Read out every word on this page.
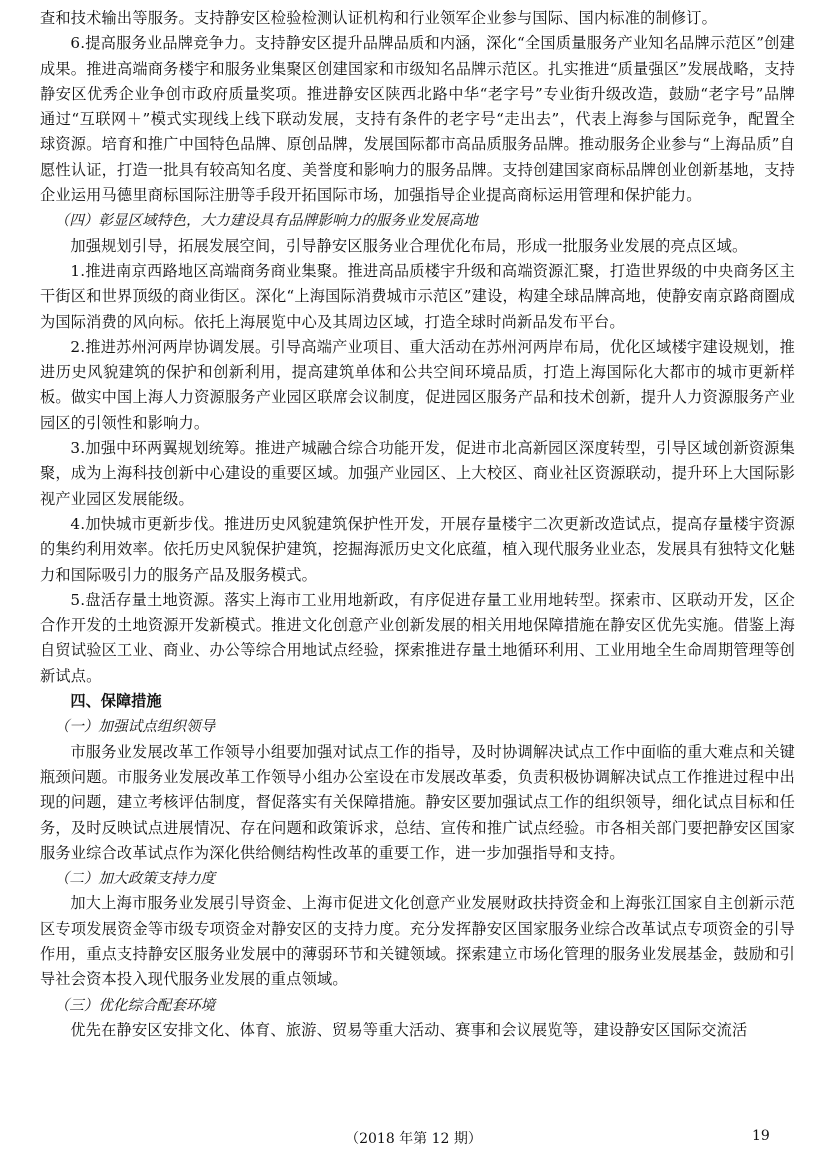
查和技术输出等服务。支持静安区检验检测认证机构和行业领军企业参与国际、国内标准的制修订。

6.提高服务业品牌竞争力。支持静安区提升品牌品质和内涵，深化“全国质量服务产业知名品牌示范区”创建成果。推进高端商务楼宇和服务业集聚区创建国家和市级知名品牌示范区。扎实推进“质量强区”发展战略，支持静安区优秀企业争创市政府质量奖项。推进静安区陕西北路中华“老字号”专业街升级改造，鼓励“老字号”品牌通过“互联网＋”模式实现线上线下联动发展，支持有条件的老字号“走出去”，代表上海参与国际竞争，配置全球资源。培育和推广中国特色品牌、原创品牌，发展国际都市高品质服务品牌。推动服务企业参与“上海品质”自愿性认证，打造一批具有较高知名度、美誉度和影响力的服务品牌。支持创建国家商标品牌创业创新基地，支持企业运用马德里商标国际注册等手段开拓国际市场，加强指导企业提高商标运用管理和保护能力。

（四）彰显区域特色，大力建设具有品牌影响力的服务业发展高地

加强规划引导，拓展发展空间，引导静安区服务业合理优化布局，形成一批服务业发展的亮点区域。

1.推进南京西路地区高端商务商业集聚。推进高品质楼宇升级和高端资源汇聚，打造世界级的中央商务区主干街区和世界顶级的商业街区。深化“上海国际消费城市示范区”建设，构建全球品牌高地，使静安南京路商圈成为国际消费的风向标。依托上海展览中心及其周边区域，打造全球时尚新品发布平台。

2.推进苏州河两岸协调发展。引导高端产业项目、重大活动在苏州河两岸布局，优化区域楼宇建设规划，推进历史风貌建筑的保护和创新利用，提高建筑单体和公共空间环境品质，打造上海国际化大都市的城市更新样板。做实中国上海人力资源服务产业园区联席会议制度，促进园区服务产品和技术创新，提升人力资源服务产业园区的引领性和影响力。

3.加强中环两翼规划统筹。推进产城融合综合功能开发，促进市北高新园区深度转型，引导区域创新资源集聚，成为上海科技创新中心建设的重要区域。加强产业园区、上大校区、商业社区资源联动，提升环上大国际影视产业园区发展能级。

4.加快城市更新步伐。推进历史风貌建筑保护性开发，开展存量楼宇二次更新改造试点，提高存量楼宇资源的集约利用效率。依托历史风貌保护建筑，挖掘海派历史文化底蕴，植入现代服务业业态，发展具有独特文化魅力和国际吸引力的服务产品及服务模式。

5.盘活存量土地资源。落实上海市工业用地新政，有序促进存量工业用地转型。探索市、区联动开发，区企合作开发的土地资源开发新模式。推进文化创意产业创新发展的相关用地保障措施在静安区优先实施。借鉴上海自贸试验区工业、商业、办公等综合用地试点经验，探索推进存量土地循环利用、工业用地全生命周期管理等创新试点。

四、保障措施

（一）加强试点组织领导

市服务业发展改革工作领导小组要加强对试点工作的指导，及时协调解决试点工作中面临的重大难点和关键瓶颈问题。市服务业发展改革工作领导小组办公室设在市发展改革委，负责积极协调解决试点工作推进过程中出现的问题，建立考核评估制度，督促落实有关保障措施。静安区要加强试点工作的组织领导，细化试点目标和任务，及时反映试点进展情况、存在问题和政策诉求，总结、宣传和推广试点经验。市各相关部门要把静安区国家服务业综合改革试点作为深化供给侧结构性改革的重要工作，进一步加强指导和支持。

（二）加大政策支持力度

加大上海市服务业发展引导资金、上海市促进文化创意产业发展财政扶持资金和上海张江国家自主创新示范区专项发展资金等市级专项资金对静安区的支持力度。充分发挥静安区国家服务业综合改革试点专项资金的引导作用，重点支持静安区服务业发展中的薄弱环节和关键领域。探索建立市场化管理的服务业发展基金，鼓励和引导社会资本投入现代服务业发展的重点领域。

（三）优化综合配套环境

优先在静安区安排文化、体育、旅游、贸易等重大活动、赛事和会议展览等，建设静安区国际交流活

（2018 年第 12 期）	19
